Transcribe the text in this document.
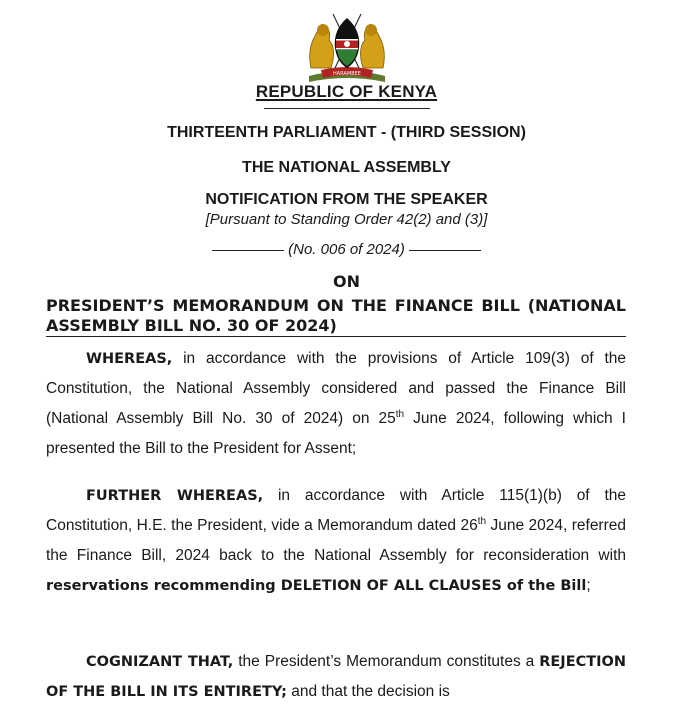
HARAMBEE
REPUBLIC OF KENYA
THIRTEENTH PARLIAMENT - (THIRD SESSION)
THE NATIONAL ASSEMBLY
NOTIFICATION FROM THE SPEAKER
[Pursuant to Standing Order 42(2) and (3)]
(No. 006 of 2024)
ON
PRESIDENT’S MEMORANDUM ON THE FINANCE BILL (NATIONAL ASSEMBLY BILL NO. 30 OF 2024)
WHEREAS, in accordance with the provisions of Article 109(3) of the Constitution, the National Assembly considered and passed the Finance Bill (National Assembly Bill No. 30 of 2024) on 25th June 2024, following which I presented the Bill to the President for Assent;
FURTHER WHEREAS, in accordance with Article 115(1)(b) of the Constitution, H.E. the President, vide a Memorandum dated 26th June 2024, referred the Finance Bill, 2024 back to the National Assembly for reconsideration with reservations recommending DELETION OF ALL CLAUSES of the Bill;
COGNIZANT THAT, the President’s Memorandum constitutes a REJECTION OF THE BILL IN ITS ENTIRETY; and that the decision is
